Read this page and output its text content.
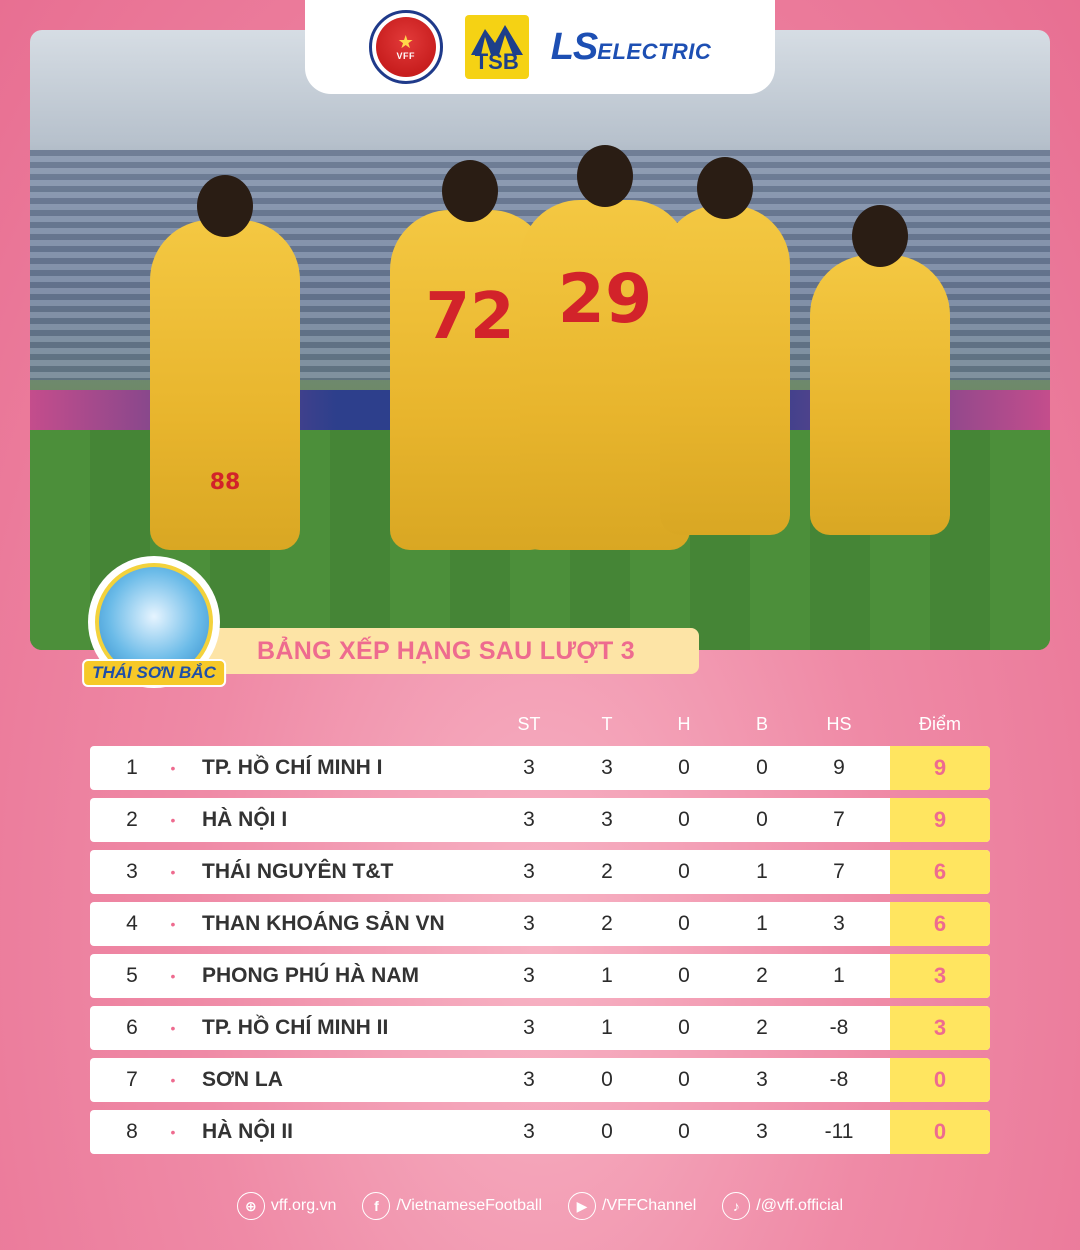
★
VFF	TSB LS ELECTRIC
88
72 29
THÁI SƠN BẮC
BẢNG XẾP HẠNG SAU LƯỢT 3
ST	T	H	B	HS	Điểm
1	• TP. HỒ CHÍ MINH I	3	3	0	0	9	9
2	• HÀ NỘI I	3	3	0	0	7	9
3	• THÁI NGUYÊN T&T	3	2	0	1	7	6
4	• THAN KHOÁNG SẢN VN	3	2	0	1	3	6
5	• PHONG PHÚ HÀ NAM	3	1	0	2	1	3
6	• TP. HỒ CHÍ MINH II	3	1	0	2	-8	3
7	• SƠN LA	3	0	0	3	-8	0
8	• HÀ NỘI II	3	0	0	3	-11	0
⊕ vff.org.vn	f	/VietnameseFootball	▶ /VFFChannel	♪	/@vff.official
